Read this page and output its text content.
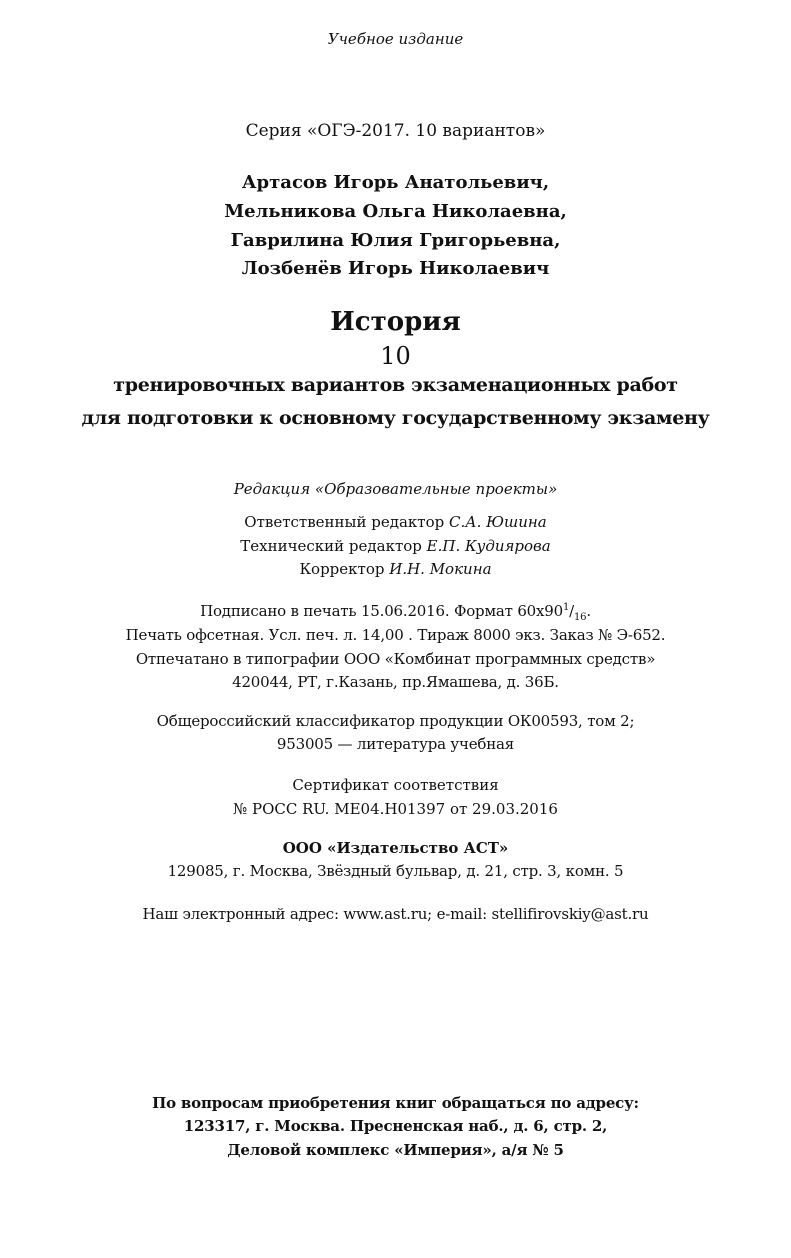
Учебное издание
Серия «ОГЭ-2017. 10 вариантов»
Артасов Игорь Анатольевич,
Мельникова Ольга Николаевна,
Гаврилина Юлия Григорьевна,
Лозбенёв Игорь Николаевич
История
10
тренировочных вариантов экзаменационных работ
для подготовки к основному государственному экзамену
Редакция «Образовательные проекты»
Ответственный редактор С.А. Юшина
Технический редактор Е.П. Кудиярова
Корректор И.Н. Мокина
Подписано в печать 15.06.2016. Формат $60х90^1/_{16}$.
Печать офсетная. Усл. печ. л. 14,00 . Тираж 8000 экз. Заказ № Э-652.
Отпечатано в типографии ООО «Комбинат программных средств»
420044, РТ, г.Казань, пр.Ямашева, д. 36Б.
Общероссийский классификатор продукции ОК00593, том 2;
953005 — литература учебная
Сертификат соответствия
№ РОСС RU. МЕ04.Н01397 от 29.03.2016
ООО «Издательство АСТ»
129085, г. Москва, Звёздный бульвар, д. 21, стр. 3, комн. 5
Наш электронный адрес: www.ast.ru; e-mail: stellifirovskiy@ast.ru
По вопросам приобретения книг обращаться по адресу:
123317, г. Москва. Пресненская наб., д. 6, стр. 2,
Деловой комплекс «Империя», а/я № 5
